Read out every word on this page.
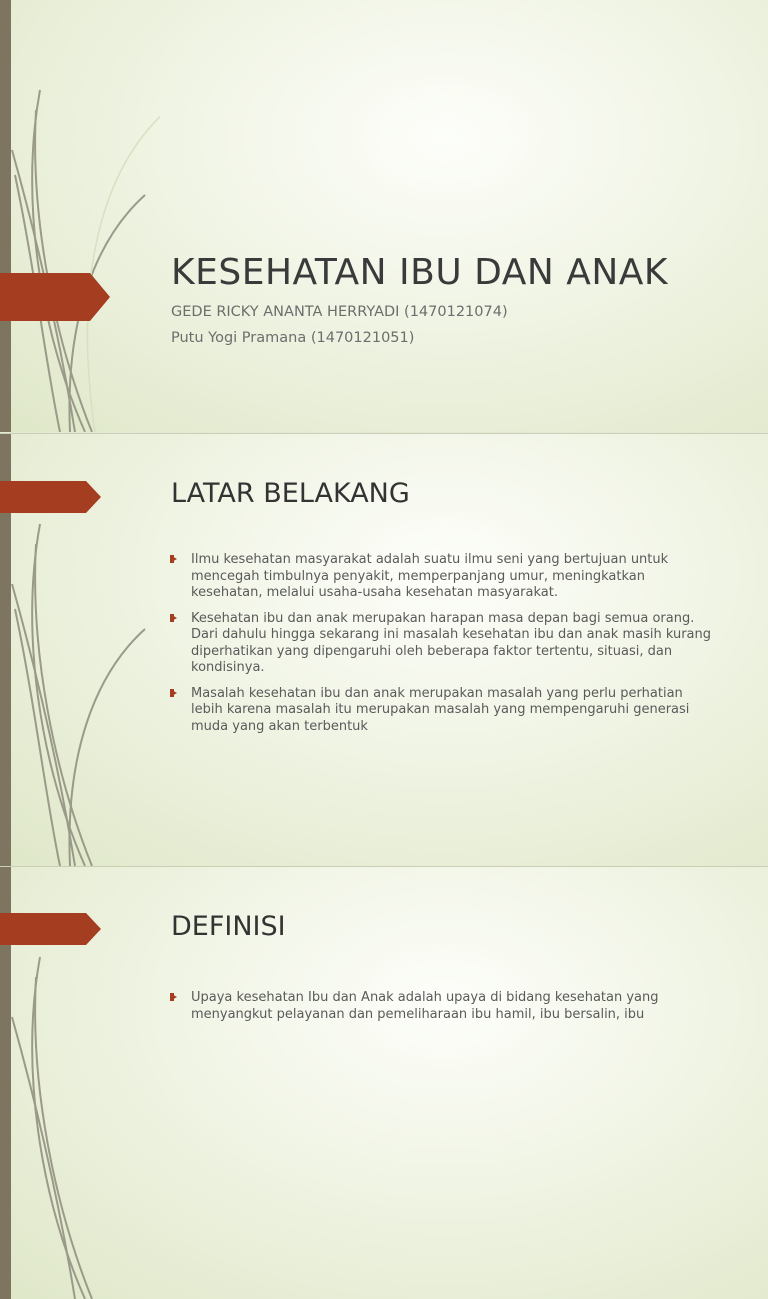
KESEHATAN IBU DAN ANAK

GEDE RICKY ANANTA HERRYADI (1470121074)

Putu Yogi Pramana (1470121051)

LATAR BELAKANG
Ilmu kesehatan masyarakat adalah suatu ilmu seni yang bertujuan untuk mencegah timbulnya penyakit, memperpanjang umur, meningkatkan kesehatan, melalui usaha-usaha kesehatan masyarakat.
Kesehatan ibu dan anak merupakan harapan masa depan bagi semua orang. Dari dahulu hingga sekarang ini masalah kesehatan ibu dan anak masih kurang diperhatikan yang dipengaruhi oleh beberapa faktor tertentu, situasi, dan kondisinya.
Masalah kesehatan ibu dan anak merupakan masalah yang perlu perhatian lebih karena masalah itu merupakan masalah yang mempengaruhi generasi muda yang akan terbentuk
DEFINISI
Upaya kesehatan Ibu dan Anak adalah upaya di bidang kesehatan yang menyangkut pelayanan dan pemeliharaan ibu hamil, ibu bersalin, ibu
